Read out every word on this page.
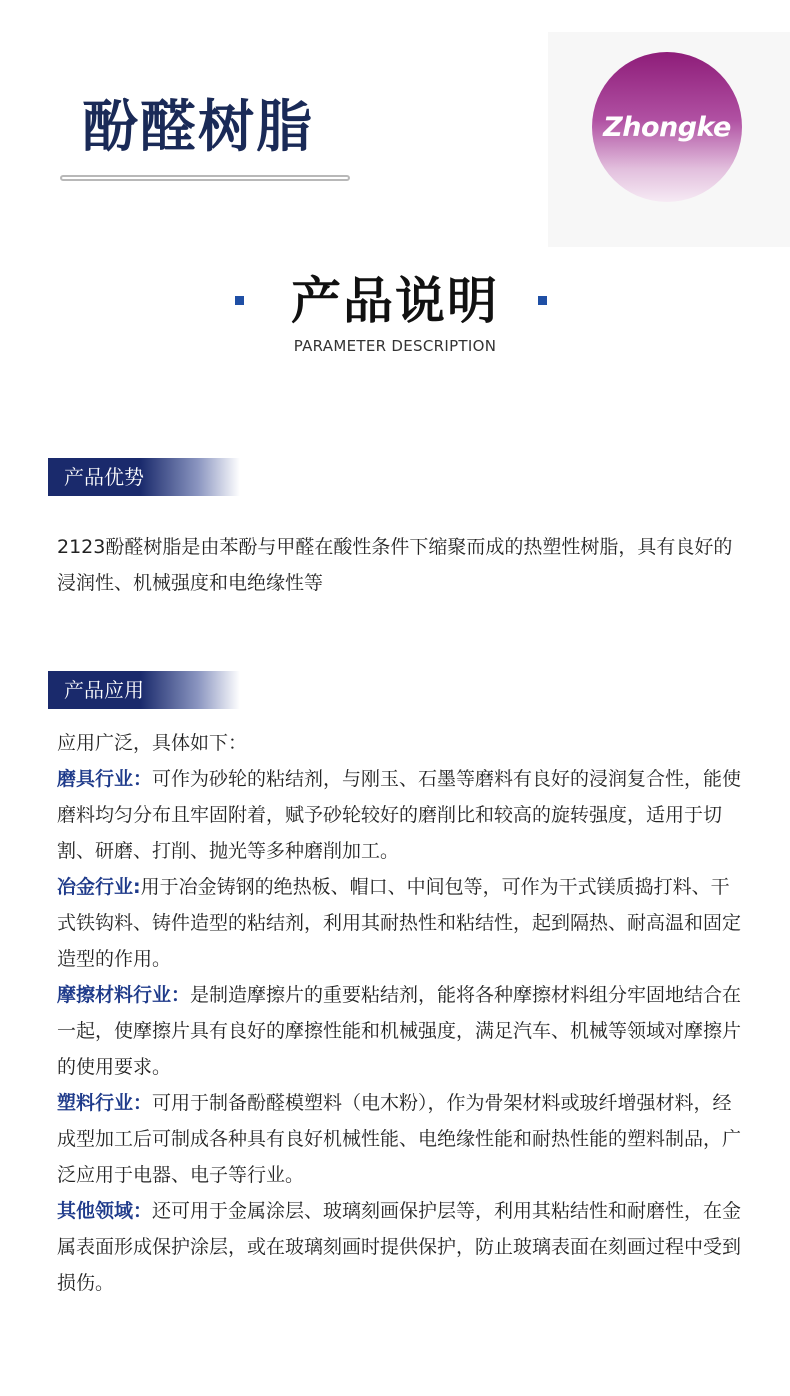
酚醛树脂	Zhongke
产品说明
PARAMETER DESCRIPTION
产品优势

2123酚醛树脂是由苯酚与甲醛在酸性条件下缩聚而成的热塑性树脂，具有良好的浸润性、机械强度和电绝缘性等

产品应用

应用广泛，具体如下：

磨具行业：可作为砂轮的粘结剂，与刚玉、石墨等磨料有良好的浸润复合性，能使磨料均匀分布且牢固附着，赋予砂轮较好的磨削比和较高的旋转强度，适用于切割、研磨、打削、抛光等多种磨削加工。

冶金行业:用于冶金铸钢的绝热板、帽口、中间包等，可作为干式镁质捣打料、干式铁钩料、铸件造型的粘结剂，利用其耐热性和粘结性，起到隔热、耐高温和固定造型的作用。

摩擦材料行业：是制造摩擦片的重要粘结剂，能将各种摩擦材料组分牢固地结合在一起，使摩擦片具有良好的摩擦性能和机械强度，满足汽车、机械等领域对摩擦片的使用要求。

塑料行业：可用于制备酚醛模塑料（电木粉），作为骨架材料或玻纤增强材料，经成型加工后可制成各种具有良好机械性能、电绝缘性能和耐热性能的塑料制品，广泛应用于电器、电子等行业。

其他领域：还可用于金属涂层、玻璃刻画保护层等，利用其粘结性和耐磨性，在金属表面形成保护涂层，或在玻璃刻画时提供保护，防止玻璃表面在刻画过程中受到损伤。
